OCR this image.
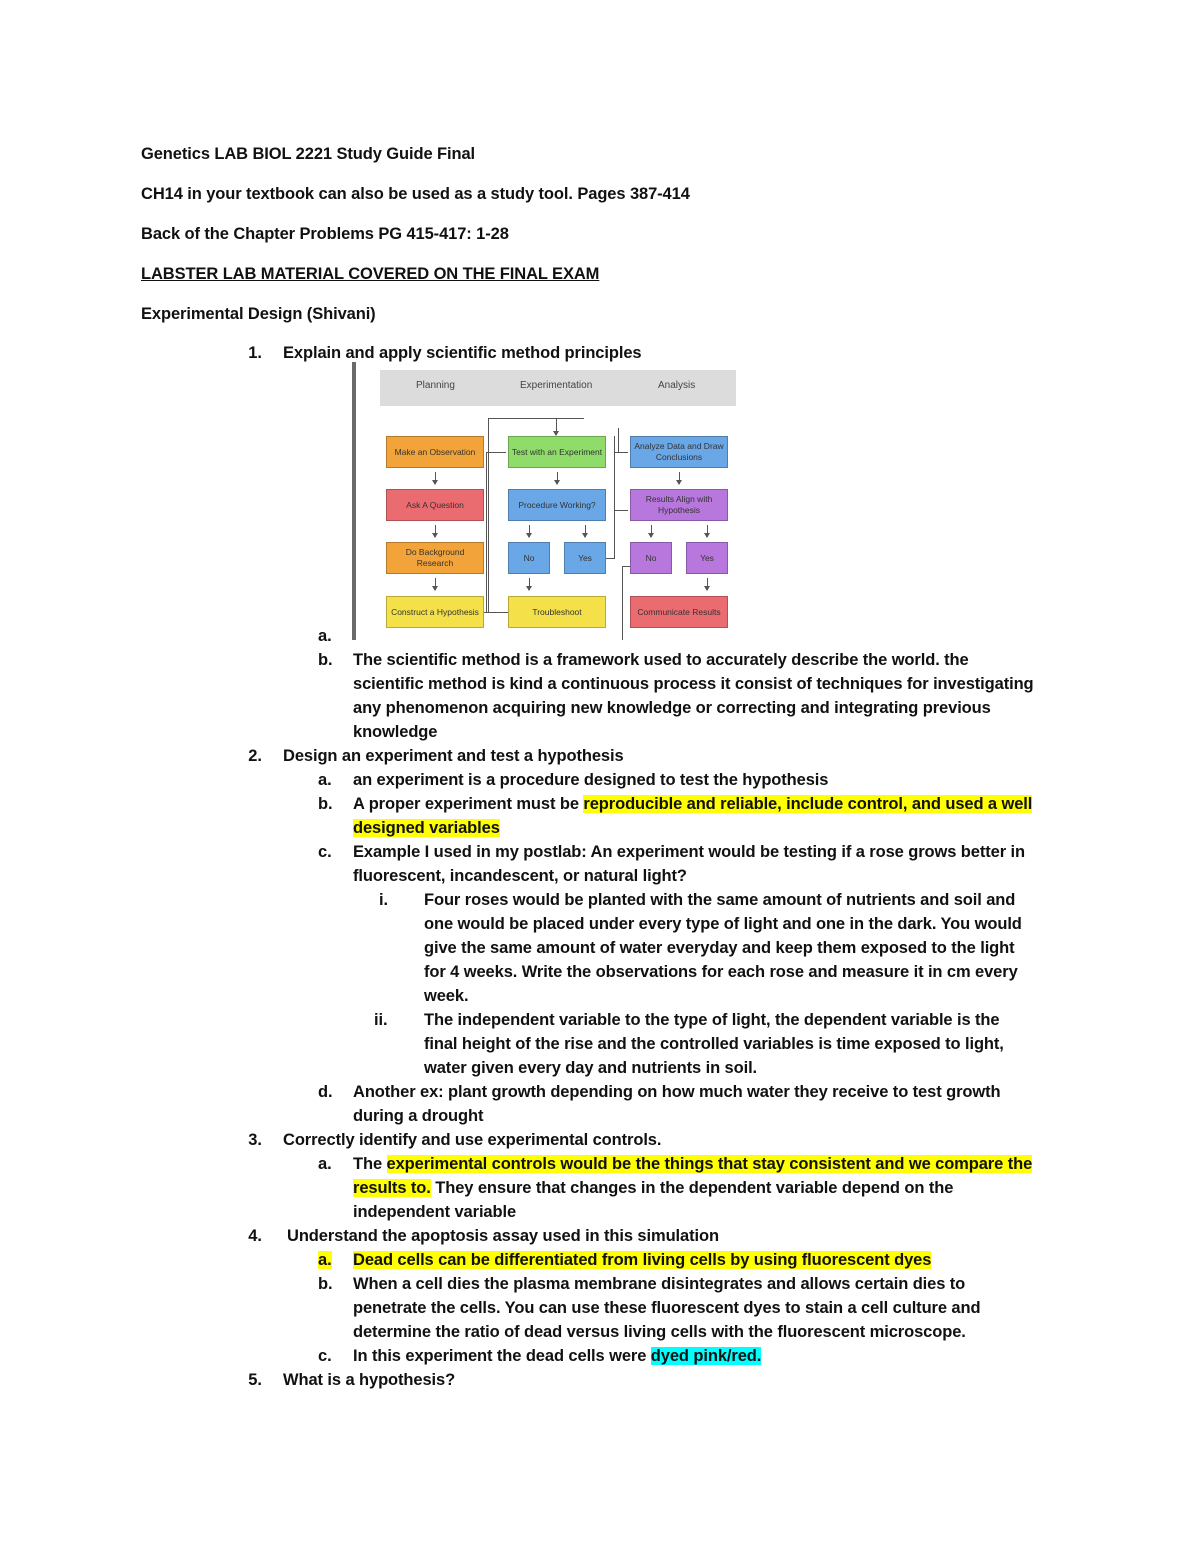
Genetics LAB BIOL 2221 Study Guide Final
CH14 in your textbook can also be used as a study tool. Pages 387-414
Back of the Chapter Problems PG 415-417: 1-28
LABSTER LAB MATERIAL COVERED ON THE FINAL EXAM
Experimental Design (Shivani)
1. Explain and apply scientific method principles
Planning	Experimentation	Analysis
Make an Observation
Ask A Question
Do Background Research
Construct a Hypothesis
Test with an Experiment
Procedure Working?
No	Yes
Troubleshoot
Analyze Data and Draw Conclusions
Results Align with Hypothesis
No	Yes
Communicate Results
a.
b. The scientific method is a framework used to accurately describe the world. the
scientific method is kind a continuous process it consist of techniques for investigating
any phenomenon acquiring new knowledge or correcting and integrating previous
knowledge
2. Design an experiment and test a hypothesis
a. an experiment is a procedure designed to test the hypothesis
b. A proper experiment must be reproducible and reliable, include control, and used a well
designed variables
c. Example I used in my postlab: An experiment would be testing if a rose grows better in
fluorescent, incandescent, or natural light?
i. Four roses would be planted with the same amount of nutrients and soil and
one would be placed under every type of light and one in the dark. You would
give the same amount of water everyday and keep them exposed to the light
for 4 weeks. Write the observations for each rose and measure it in cm every
week.
ii. The independent variable to the type of light, the dependent variable is the
final height of the rise and the controlled variables is time exposed to light,
water given every day and nutrients in soil.
d. Another ex: plant growth depending on how much water they receive to test growth
during a drought
3. Correctly identify and use experimental controls.
a. The experimental controls would be the things that stay consistent and we compare the
results to. They ensure that changes in the dependent variable depend on the
independent variable
4. Understand the apoptosis assay used in this simulation
a. Dead cells can be differentiated from living cells by using fluorescent dyes
b. When a cell dies the plasma membrane disintegrates and allows certain dies to
penetrate the cells. You can use these fluorescent dyes to stain a cell culture and
determine the ratio of dead versus living cells with the fluorescent microscope.
c. In this experiment the dead cells were dyed pink/red.
5. What is a hypothesis?
